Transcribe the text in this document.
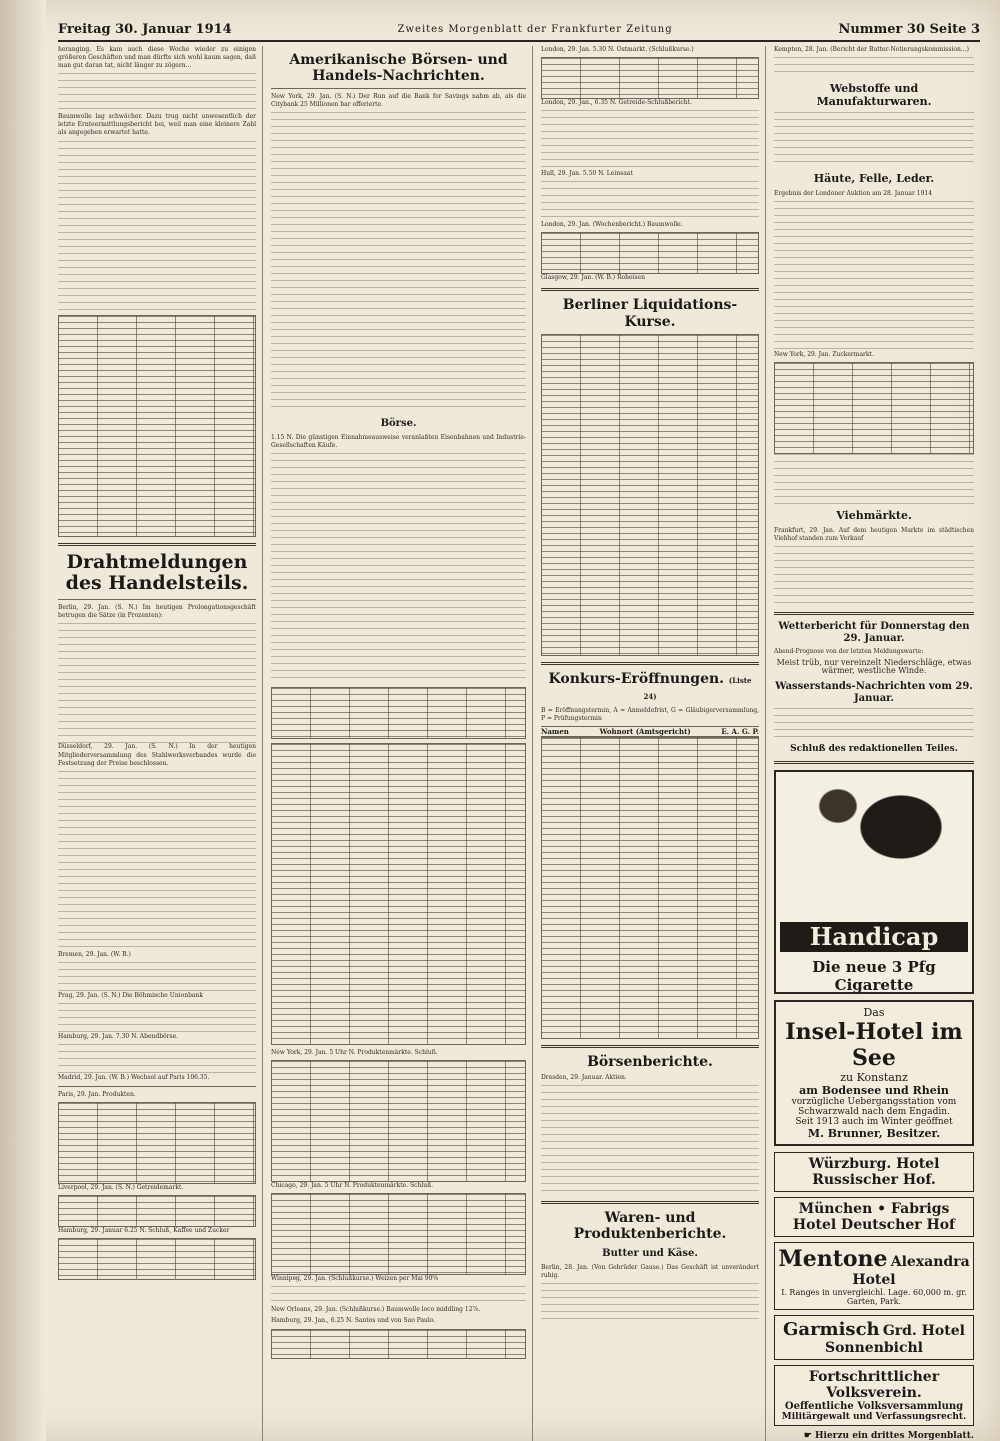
Freitag 30. Januar 1914	Zweites Morgenblatt der Frankfurter Zeitung	Nummer 30 Seite 3

heranging. Es kam auch diese Woche wieder zu einigen größeren Geschäften und man dürfte sich wohl kaum sagen, daß man gut daran tat, nicht länger zu zögern...

Baumwolle lag schwächer. Dazu trug nicht unwesentlich der letzte Ernteermittlungsbericht bei, weil man eine kleinere Zahl als angegeben erwartet hatte.

Drahtmeldungen des Handelsteils.

Berlin, 29. Jan. (S. N.) Im heutigen Prolongationsgeschäft betrugen die Sätze (in Prozenten):

Düsseldorf, 29. Jan. (S. N.) In der heutigen Mitgliederversammlung des Stahlwerksverbandes wurde die Festsetzung der Preise beschlossen.

Bremen, 29. Jan. (W. B.)

Prag, 29. Jan. (S. N.) Die Böhmische Unionbank

Hamburg, 29. Jan. 7.30 N. Abendbörse.

Madrid, 29. Jan. (W. B.) Wechsel auf Paris 106.35.

Paris, 29. Jan. Produkten.

Liverpool, 29. Jan. (S. N.) Getreidemarkt.

Hamburg, 29. Januar 6.25 N. Schluß, Kaffee und Zucker

Amerikanische Börsen- und Handels-Nachrichten.

New York, 29. Jan. (S. N.) Der Run auf die Bank for Savings nahm ab, als die Citybank 25 Millionen bar offerierte.

Börse.

1.15 N. Die günstigen Einnahmeausweise veranlaßten Eisenbahnen und Industrie-Gesellschaften Käufe.

New York, 29. Jan. 5 Uhr N. Produktenmärkte. Schluß.

Chicago, 29. Jan. 5 Uhr N. Produktenmärkte. Schluß.

Winnipeg, 29. Jan. (Schlußkurse.) Weizen per Mai 90⅝

New Orleans, 29. Jan. (Schlußkurse.) Baumwolle loco middling 12⅞.

Hamburg, 29. Jan., 6.25 N. Santos und von Sao Paulo.

London, 29. Jan. 5.30 N. Ostmarkt. (Schlußkurse.)

London, 29. Jan., 6.35 N. Getreide-Schlußbericht.

Hull, 29. Jan. 5.50 N. Leinsaat

London, 29. Jan. (Wochenbericht.) Baumwolle.

Glasgow, 29. Jan. (W. B.) Roheisen

Berliner Liquidations-Kurse.
Konkurs-Eröffnungen. (Liste 24)

B = Eröffnungstermin, A = Anmeldefrist, G = Gläubigerversammlung, P = Prüfungstermin

Namen	Wohnort (Amtsgericht)	E. A. G. P.
Börsenberichte.

Dresden, 29. Januar. Aktien.

Waren- und Produktenberichte.
Butter und Käse.

Berlin, 28. Jan. (Von Gebrüder Gause.) Das Geschäft ist unverändert ruhig.

Kempten, 28. Jan. (Bericht der Butter-Notierungskommission...)

Webstoffe und Manufakturwaren.
Häute, Felle, Leder.

Ergebnis der Londoner Auktion am 28. Januar 1914

New York, 29. Jan. Zuckermarkt.

Viehmärkte.

Frankfurt, 29. Jan. Auf dem heutigen Markte im städtischen Viehhof standen zum Verkauf

Wetterbericht für Donnerstag den 29. Januar.

Abend-Prognose von der letzten Meldungswarte:

Meist trüb, nur vereinzelt Niederschläge, etwas wärmer, westliche Winde.

Wasserstands-Nachrichten vom 29. Januar.
Schluß des redaktionellen Teiles.
Handicap
Die neue 3 Pfg Cigarette
Das
Insel-Hotel im See
zu Konstanz
am Bodensee und Rhein
vorzügliche Uebergangsstation vom Schwarzwald nach dem Engadin.
Seit 1913 auch im Winter geöffnet
M. Brunner, Besitzer.
Würzburg. Hotel Russischer Hof.
München • Fabrigs Hotel Deutscher Hof
Mentone Alexandra Hotel
I. Ranges in unvergleichl. Lage. 60,000 m. gr. Garten, Park.
Garmisch Grd. Hotel Sonnenbichl
Fortschrittlicher Volksverein.
Oeffentliche Volksversammlung
Militärgewalt und Verfassungsrecht.
☛ Hierzu ein drittes Morgenblatt.
